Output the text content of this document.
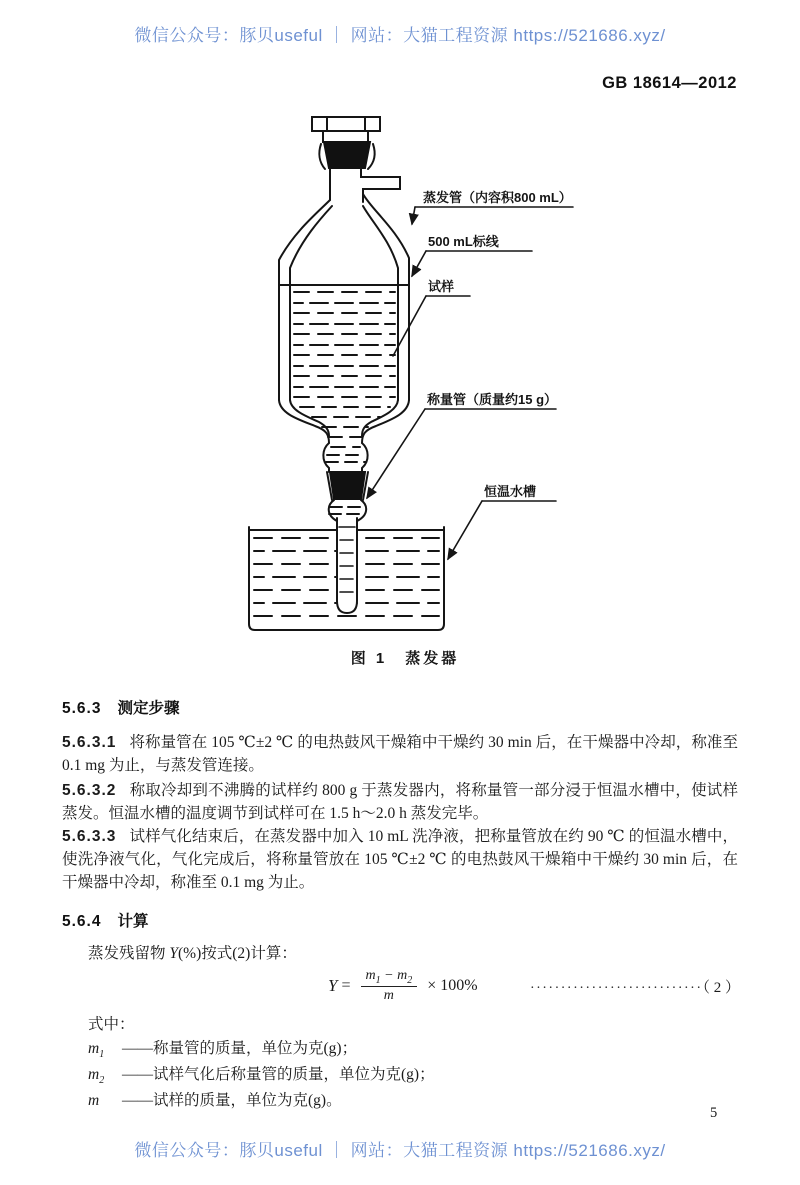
微信公众号：豚贝useful ｜ 网站：大猫工程资源 https://521686.xyz/
GB 18614—2012
蒸发管（内容积800 mL）
500 mL标线
试样
称量管（质量约15 g）
恒温水槽
图 1　蒸发器
5.6.3 测定步骤
5.6.3.1 将称量管在 105 ℃±2 ℃ 的电热鼓风干燥箱中干燥约 30 min 后，在干燥器中冷却，称准至 0.1 mg 为止，与蒸发管连接。
5.6.3.2 称取冷却到不沸腾的试样约 800 g 于蒸发器内，将称量管一部分浸于恒温水槽中，使试样蒸发。恒温水槽的温度调节到试样可在 1.5 h～2.0 h 蒸发完毕。
5.6.3.3 试样气化结束后，在蒸发器中加入 10 mL 洗净液，把称量管放在约 90 ℃ 的恒温水槽中，使洗净液气化，气化完成后，将称量管放在 105 ℃±2 ℃ 的电热鼓风干燥箱中干燥约 30 min 后，在干燥器中冷却，称准至 0.1 mg 为止。
5.6.4 计算
蒸发残留物 Y(%)按式(2)计算：
$Y = \frac{m_1 - m_2}{m} \times 100\%$	····························（ 2 ）
式中：
$m_1$ ——称量管的质量，单位为克(g)；
$m_2$ ——试样气化后称量管的质量，单位为克(g)；
m ——试样的质量，单位为克(g)。
5
微信公众号：豚贝useful ｜ 网站：大猫工程资源 https://521686.xyz/
